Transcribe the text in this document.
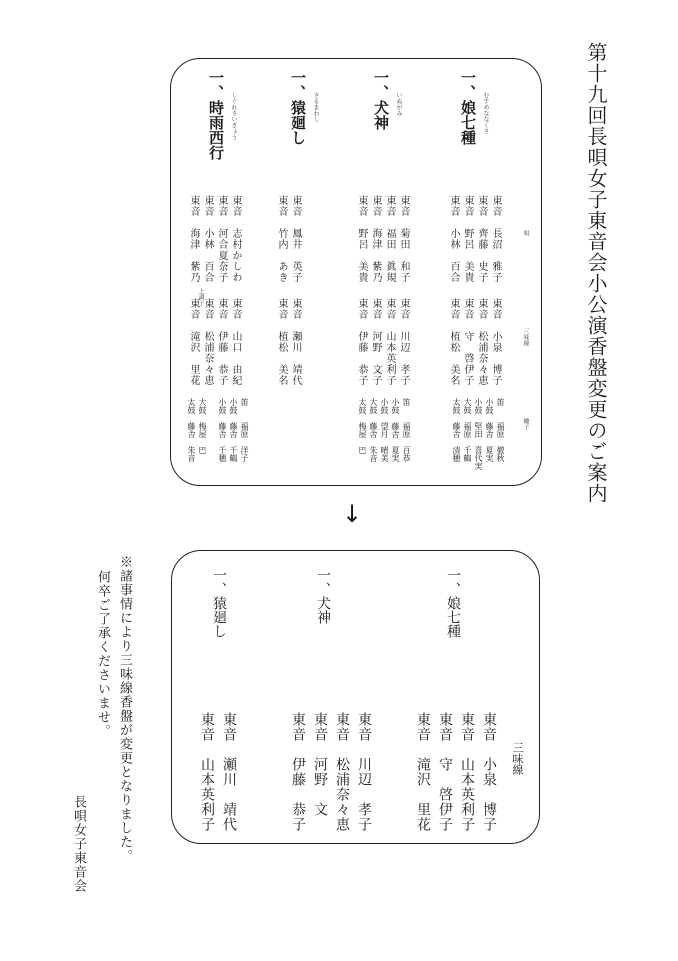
第十九回長唄女子東音会小公演香盤変更のご案内
唄
三味線
囃子
一、娘七種 むすめななくさ
東音　長沼　雅子
東音　齊藤　史子
東音　野呂　美貴
東音　小林　百合
東音　小泉　博子
東音　松浦奈々恵
東音　守　啓伊子
東音　植松　美名
笛　　福原　徹秋
小鼓　藤舎　夏実
小鼓　堅田　喜代実
大鼓　福原　千鶴
太鼓　藤舎　清穂
一、犬神 いぬがみ
東音　菊田　和子
東音　福田　眞規
東音　海津　紫乃
東音　野呂　美貴
東音　川辺　孝子
東音　山本英利子
東音　河野　文子
東音　伊藤　恭子
笛　　福原　百恭
小鼓　藤舎　夏実
小鼓　望月　晴美
大鼓　藤舎　朱音
太鼓　梅屋　巴
一、猿廻し さるまわし
東音　鳳井　英子
東音　竹内　あき
東音　瀬川　靖代
東音　植松　美名
一、時雨西行 しぐれさいぎょう
東音　志村かしわ
東音　河合夏奈子
東音　小林　百合
東音　海津　紫乃
東音　山口　由紀
東音　伊藤　恭子
東音　松浦奈々恵
東音　滝沢　里花
上調子
笛　　福原　洋子
小鼓　藤舎　千鶴
小鼓　藤舎　千穂
大鼓　梅屋　巴
太鼓　藤舎　朱音
↓
三味線
一、娘七種
東音　小泉　博子
東音　山本英利子
東音　守　啓伊子
東音　滝沢　里花
一、犬神
東音　川辺　孝子
東音　松浦奈々恵
東音　河野　文
東音　伊藤　恭子
一、猿廻し
東音　瀬川　靖代
東音　山本英利子
※諸事情により三味線香盤が変更となりました。
何卒ご了承くださいませ。
長唄女子東音会
